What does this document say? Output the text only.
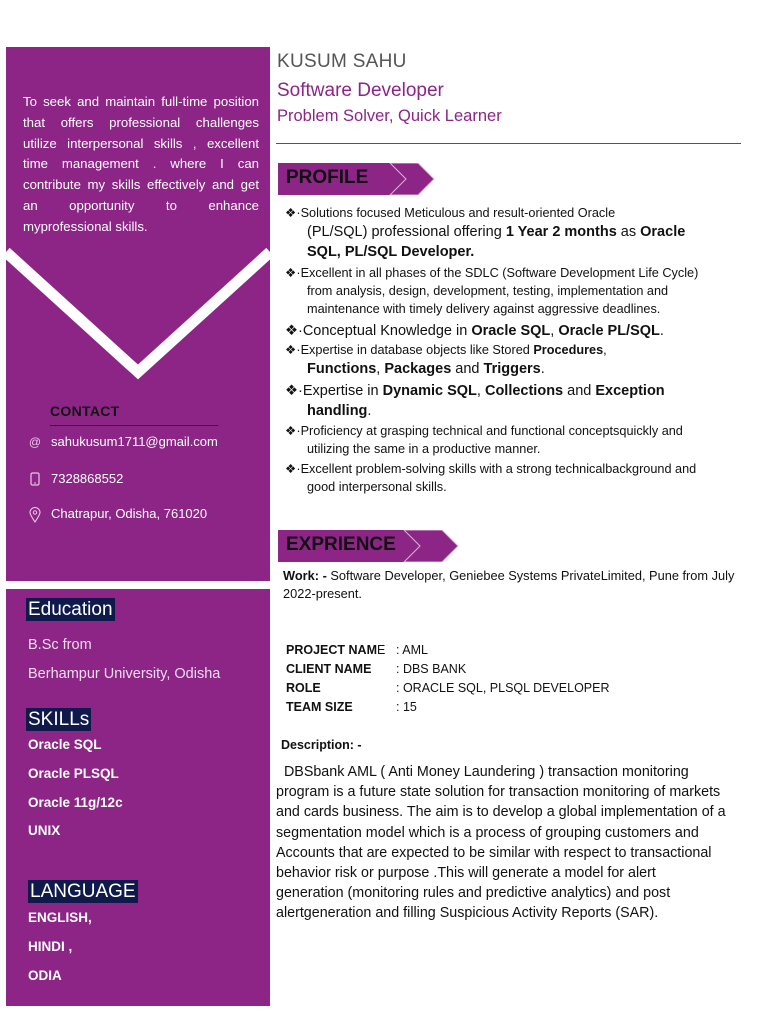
To seek and maintain full-time position that offers professional challenges utilize interpersonal skills , excellent time management . where I can contribute my skills effectively and get an opportunity to enhance myprofessional skills.
CONTACT
@ sahukusum1711@gmail.com
7328868552
Chatrapur, Odisha, 761020
Education
B.Sc from
Berhampur University, Odisha
SKILLs
Oracle SQL
Oracle PLSQL
Oracle 11g/12c
UNIX
LANGUAGE
ENGLISH,
HINDI ,
ODIA
KUSUM SAHU
Software Developer
Problem Solver, Quick Learner
PROFILE
❖·Solutions focused Meticulous and result-oriented Oracle
(PL/SQL) professional offering 1 Year 2 months as Oracle
SQL, PL/SQL Developer.
❖·Excellent in all phases of the SDLC (Software Development Life Cycle)
from analysis, design, development, testing, implementation and
maintenance with timely delivery against aggressive deadlines.
❖·Conceptual Knowledge in Oracle SQL, Oracle PL/SQL.
❖·Expertise in database objects like Stored Procedures,
Functions, Packages and Triggers.
❖·Expertise in Dynamic SQL, Collections and Exception
handling.
❖·Proficiency at grasping technical and functional conceptsquickly and
utilizing the same in a productive manner.
❖·Excellent problem-solving skills with a strong technicalbackground and
good interpersonal skills.
EXPRIENCE
Work: - Software Developer, Geniebee Systems PrivateLimited, Pune from July 2022-present.
PROJECT NAME : AML
CLIENT NAME	: DBS BANK
ROLE	: ORACLE SQL, PLSQL DEVELOPER
TEAM SIZE	: 15
Description: -
DBSbank AML ( Anti Money Laundering ) transaction monitoring program is a future state solution for transaction monitoring of markets and cards business. The aim is to develop a global implementation of a segmentation model which is a process of grouping customers and Accounts that are expected to be similar with respect to transactional behavior risk or purpose .This will generate a model for alert generation (monitoring rules and predictive analytics) and post alertgeneration and filling Suspicious Activity Reports (SAR).
